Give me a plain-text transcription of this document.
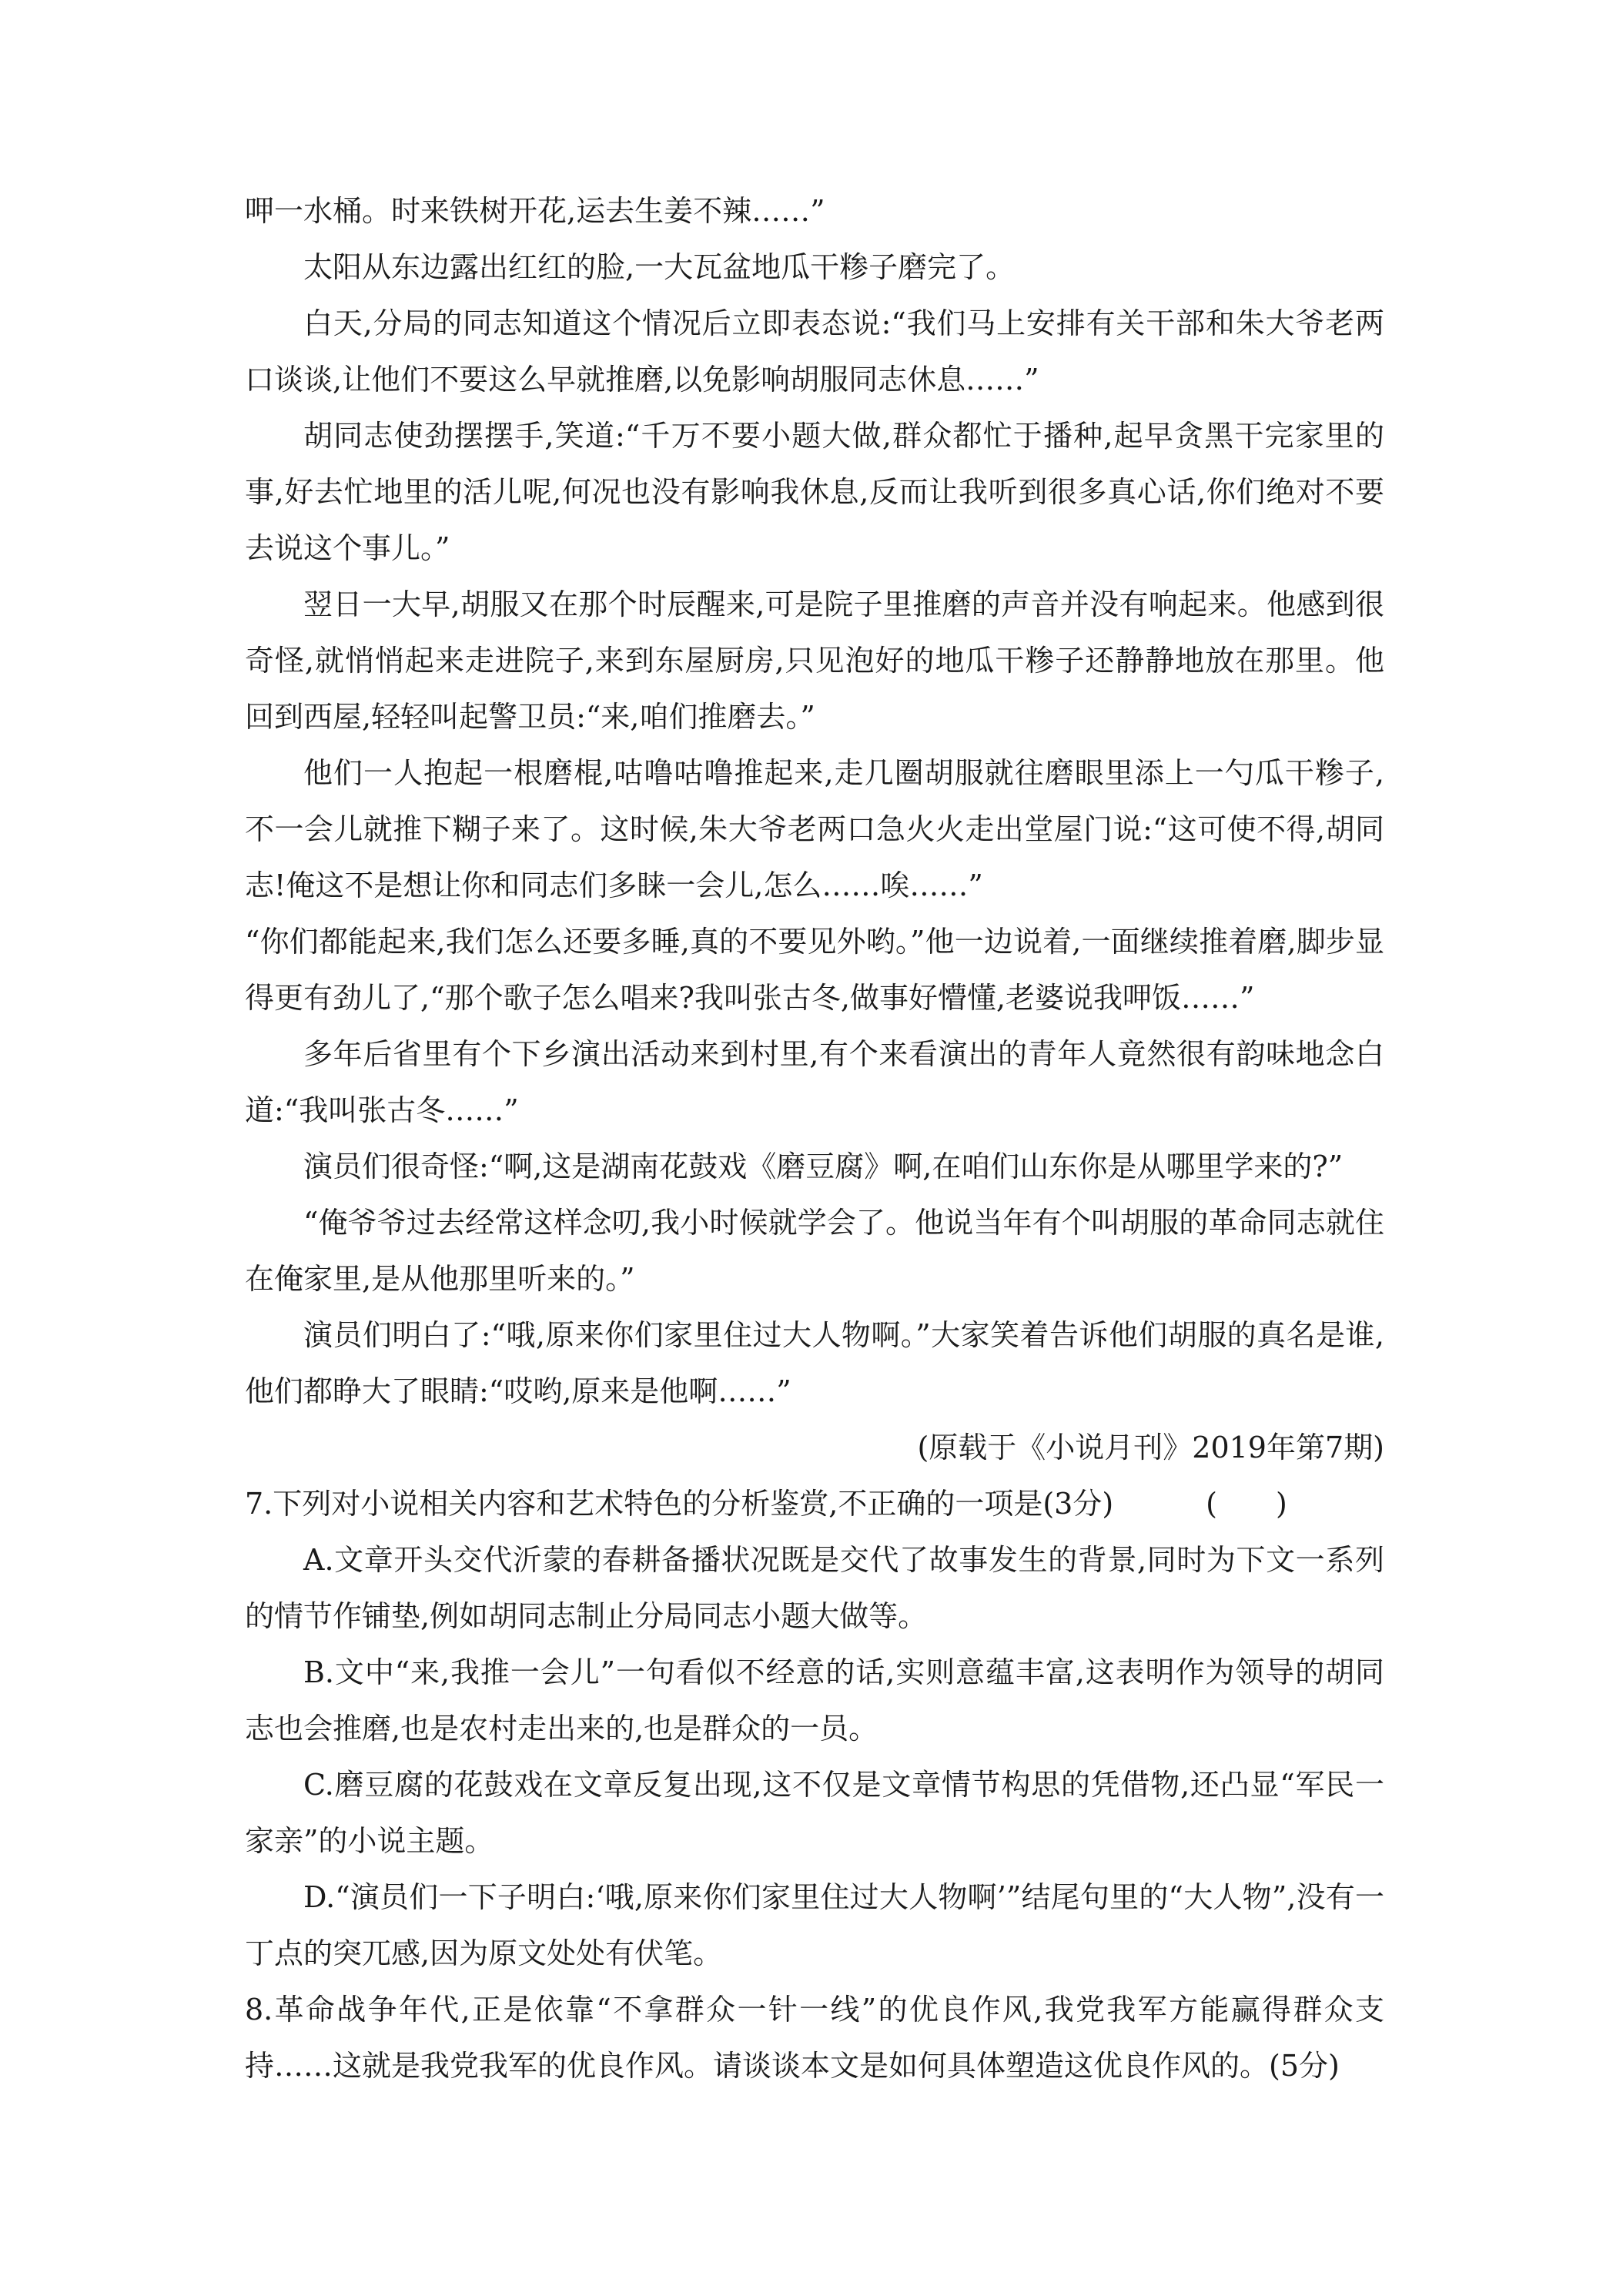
呷一水桶。时来铁树开花,运去生姜不辣……”

太阳从东边露出红红的脸,一大瓦盆地瓜干糁子磨完了。

白天,分局的同志知道这个情况后立即表态说:“我们马上安排有关干部和朱大爷老两口谈谈,让他们不要这么早就推磨,以免影响胡服同志休息……”

胡同志使劲摆摆手,笑道:“千万不要小题大做,群众都忙于播种,起早贪黑干完家里的事,好去忙地里的活儿呢,何况也没有影响我休息,反而让我听到很多真心话,你们绝对不要去说这个事儿。”

翌日一大早,胡服又在那个时辰醒来,可是院子里推磨的声音并没有响起来。他感到很奇怪,就悄悄起来走进院子,来到东屋厨房,只见泡好的地瓜干糁子还静静地放在那里。他回到西屋,轻轻叫起警卫员:“来,咱们推磨去。”

他们一人抱起一根磨棍,咕噜咕噜推起来,走几圈胡服就往磨眼里添上一勺瓜干糁子,不一会儿就推下糊子来了。这时候,朱大爷老两口急火火走出堂屋门说:“这可使不得,胡同志!俺这不是想让你和同志们多睐一会儿,怎么……唉……”

“你们都能起来,我们怎么还要多睡,真的不要见外哟。”他一边说着,一面继续推着磨,脚步显得更有劲儿了,“那个歌子怎么唱来?我叫张古冬,做事好懵懂,老婆说我呷饭……”

多年后省里有个下乡演出活动来到村里,有个来看演出的青年人竟然很有韵味地念白道:“我叫张古冬……”

演员们很奇怪:“啊,这是湖南花鼓戏《磨豆腐》啊,在咱们山东你是从哪里学来的?”

“俺爷爷过去经常这样念叨,我小时候就学会了。他说当年有个叫胡服的革命同志就住在俺家里,是从他那里听来的。”

演员们明白了:“哦,原来你们家里住过大人物啊。”大家笑着告诉他们胡服的真名是谁,他们都睁大了眼睛:“哎哟,原来是他啊……”

(原载于《小说月刊》2019年第7期)

7.下列对小说相关内容和艺术特色的分析鉴赏,不正确的一项是(3分)	(　　)

A.文章开头交代沂蒙的春耕备播状况既是交代了故事发生的背景,同时为下文一系列的情节作铺垫,例如胡同志制止分局同志小题大做等。

B.文中“来,我推一会儿”一句看似不经意的话,实则意蕴丰富,这表明作为领导的胡同志也会推磨,也是农村走出来的,也是群众的一员。

C.磨豆腐的花鼓戏在文章反复出现,这不仅是文章情节构思的凭借物,还凸显“军民一家亲”的小说主题。

D.“演员们一下子明白:‘哦,原来你们家里住过大人物啊’”结尾句里的“大人物”,没有一丁点的突兀感,因为原文处处有伏笔。

8.革命战争年代,正是依靠“不拿群众一针一线”的优良作风,我党我军方能赢得群众支持……这就是我党我军的优良作风。请谈谈本文是如何具体塑造这优良作风的。(5分)
